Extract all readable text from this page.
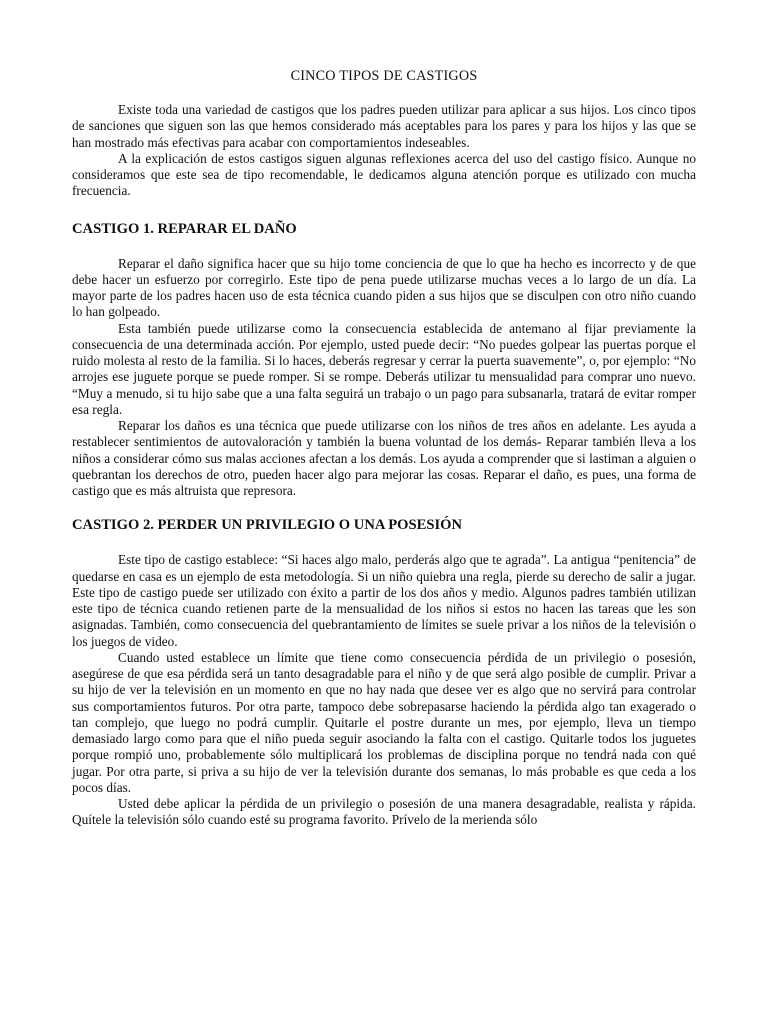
CINCO TIPOS DE CASTIGOS

Existe toda una variedad de castigos que los padres pueden utilizar para aplicar a sus hijos. Los cinco tipos de sanciones que siguen son las que hemos considerado más aceptables para los pares y para los hijos y las que se han mostrado más efectivas para acabar con comportamientos indeseables.

A la explicación de estos castigos siguen algunas reflexiones acerca del uso del castigo físico. Aunque no consideramos que este sea de tipo recomendable, le dedicamos alguna atención porque es utilizado con mucha frecuencia.

CASTIGO 1. REPARAR EL DAÑO

Reparar el daño significa hacer que su hijo tome conciencia de que lo que ha hecho es incorrecto y de que debe hacer un esfuerzo por corregirlo. Este tipo de pena puede utilizarse muchas veces a lo largo de un día. La mayor parte de los padres hacen uso de esta técnica cuando piden a sus hijos que se disculpen con otro niño cuando lo han golpeado.

Esta también puede utilizarse como la consecuencia establecida de antemano al fijar previamente la consecuencia de una determinada acción. Por ejemplo, usted puede decir: “No puedes golpear las puertas porque el ruido molesta al resto de la familia. Si lo haces, deberás regresar y cerrar la puerta suavemente”, o, por ejemplo: “No arrojes ese juguete porque se puede romper. Si se rompe. Deberás utilizar tu mensualidad para comprar uno nuevo. “Muy a menudo, si tu hijo sabe que a una falta seguirá un trabajo o un pago para subsanarla, tratará de evitar romper esa regla.

Reparar los daños es una técnica que puede utilizarse con los niños de tres años en adelante. Les ayuda a restablecer sentimientos de autovaloración y también la buena voluntad de los demás- Reparar también lleva a los niños a considerar cómo sus malas acciones afectan a los demás. Los ayuda a comprender que si lastiman a alguien o quebrantan los derechos de otro, pueden hacer algo para mejorar las cosas. Reparar el daño, es pues, una forma de castigo que es más altruista que represora.

CASTIGO 2. PERDER UN PRIVILEGIO O UNA POSESIÓN

Este tipo de castigo establece: “Si haces algo malo, perderás algo que te agrada”. La antigua “penitencia” de quedarse en casa es un ejemplo de esta metodología. Si un niño quiebra una regla, pierde su derecho de salir a jugar. Este tipo de castigo puede ser utilizado con éxito a partir de los dos años y medio. Algunos padres también utilizan este tipo de técnica cuando retienen parte de la mensualidad de los niños si estos no hacen las tareas que les son asignadas. También, como consecuencia del quebrantamiento de límites se suele privar a los niños de la televisión o los juegos de video.

Cuando usted establece un límite que tiene como consecuencia pérdida de un privilegio o posesión, asegúrese de que esa pérdida será un tanto desagradable para el niño y de que será algo posible de cumplir. Privar a su hijo de ver la televisión en un momento en que no hay nada que desee ver es algo que no servirá para controlar sus comportamientos futuros. Por otra parte, tampoco debe sobrepasarse haciendo la pérdida algo tan exagerado o tan complejo, que luego no podrá cumplir. Quitarle el postre durante un mes, por ejemplo, lleva un tiempo demasiado largo como para que el niño pueda seguir asociando la falta con el castigo. Quitarle todos los juguetes porque rompió uno, probablemente sólo multiplicará los problemas de disciplina porque no tendrá nada con qué jugar. Por otra parte, si priva a su hijo de ver la televisión durante dos semanas, lo más probable es que ceda a los pocos días.

Usted debe aplicar la pérdida de un privilegio o posesión de una manera desagradable, realista y rápida. Quítele la televisión sólo cuando esté su programa favorito. Prívelo de la merienda sólo
